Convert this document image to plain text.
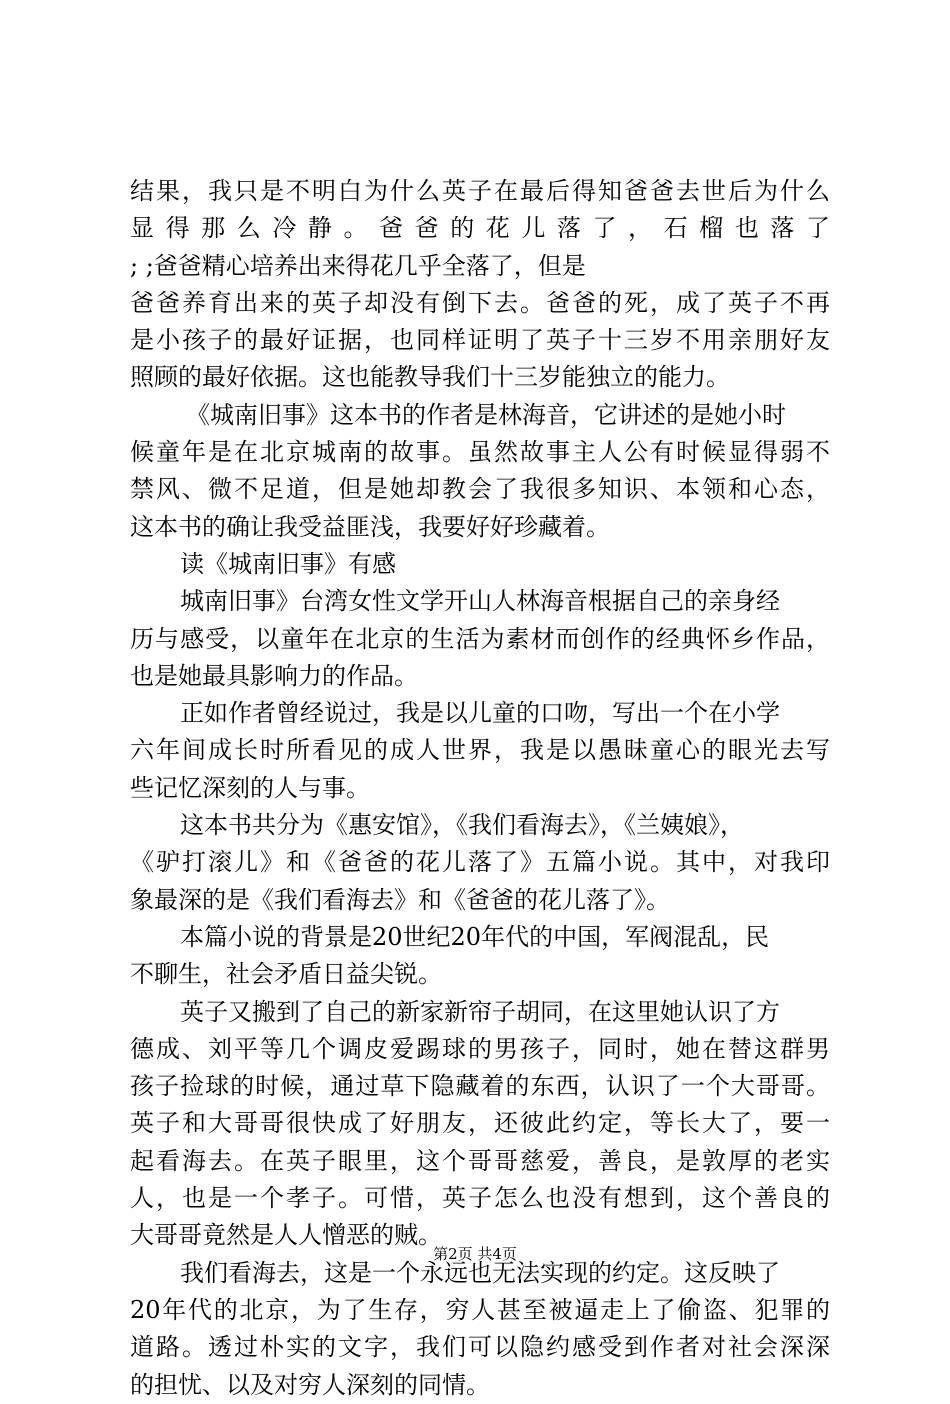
结果，我只是不明白为什么英子在最后得知爸爸去世后为什么
显 得 那 么 冷 静 。 爸 爸 的 花 儿 落 了 ， 石 榴 也 落 了
; ;爸爸精心培养出来得花几乎全落了，但是
爸爸养育出来的英子却没有倒下去。爸爸的死，成了英子不再
是小孩子的最好证据，也同样证明了英子十三岁不用亲朋好友
照顾的最好依据。这也能教导我们十三岁能独立的能力。
《城南旧事》这本书的作者是林海音，它讲述的是她小时
候童年是在北京城南的故事。虽然故事主人公有时候显得弱不
禁风、微不足道，但是她却教会了我很多知识、本领和心态，
这本书的确让我受益匪浅，我要好好珍藏着。
读《城南旧事》有感
城南旧事》台湾女性文学开山人林海音根据自己的亲身经
历与感受，以童年在北京的生活为素材而创作的经典怀乡作品，
也是她最具影响力的作品。
正如作者曾经说过，我是以儿童的口吻，写出一个在小学
六年间成长时所看见的成人世界，我是以愚昧童心的眼光去写
些记忆深刻的人与事。
这本书共分为《惠安馆》，《我们看海去》，《兰姨娘》，
《驴打滚儿》和《爸爸的花儿落了》五篇小说。其中，对我印
象最深的是《我们看海去》和《爸爸的花儿落了》。
本篇小说的背景是20世纪20年代的中国，军阀混乱，民
不聊生，社会矛盾日益尖锐。
英子又搬到了自己的新家新帘子胡同，在这里她认识了方
德成、刘平等几个调皮爱踢球的男孩子，同时，她在替这群男
孩子捡球的时候，通过草下隐藏着的东西，认识了一个大哥哥。
英子和大哥哥很快成了好朋友，还彼此约定，等长大了，要一
起看海去。在英子眼里，这个哥哥慈爱，善良，是敦厚的老实
人，也是一个孝子。可惜，英子怎么也没有想到，这个善良的
大哥哥竟然是人人憎恶的贼。
我们看海去，这是一个永远也无法实现的约定。这反映了
20年代的北京，为了生存，穷人甚至被逼走上了偷盗、犯罪的
道路。透过朴实的文字，我们可以隐约感受到作者对社会深深
的担忧、以及对穷人深刻的同情。
第2页 共4页
